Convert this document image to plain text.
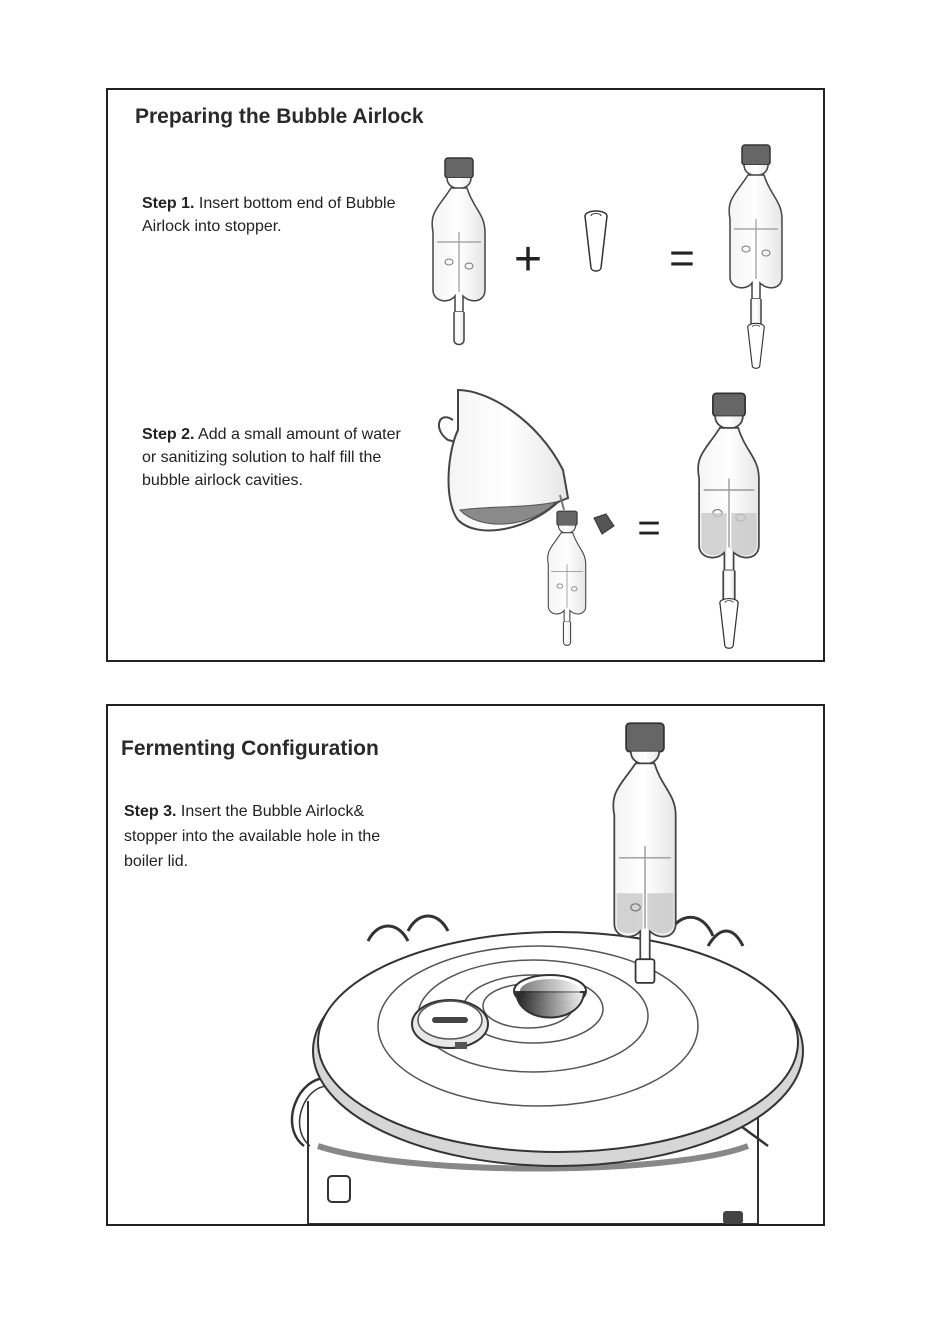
Preparing the Bubble Airlock
Step 1. Insert bottom end of Bubble Airlock into stopper.
Step 2. Add a small amount of water or sanitizing solution to half fill the bubble airlock cavities.
+	=
=
Fermenting Configuration
Step 3. Insert the Bubble Airlock& stopper into the available hole in the boiler lid.
